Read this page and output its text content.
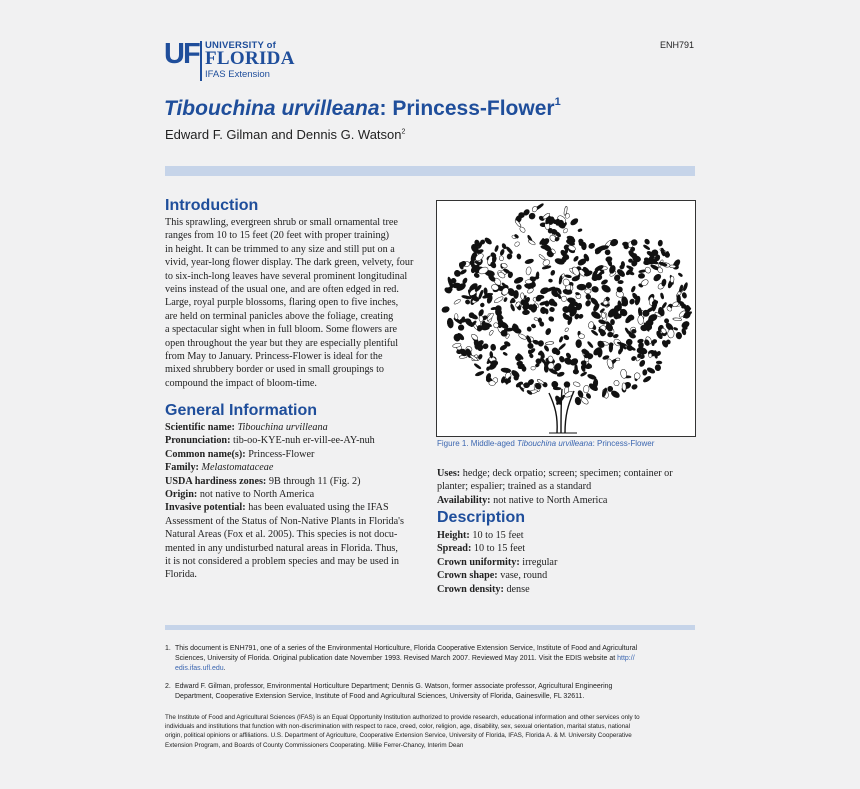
UF UNIVERSITY of
FLORIDA
IFAS Extension
ENH791
Tibouchina urvilleana: Princess-Flower$^1$
Edward F. Gilman and Dennis G. Watson$^2$
Introduction
This sprawling, evergreen shrub or small ornamental tree
ranges from 10 to 15 feet (20 feet with proper training)
in height. It can be trimmed to any size and still put on a
vivid, year-long flower display. The dark green, velvety, four
to six-inch-long leaves have several prominent longitudinal
veins instead of the usual one, and are often edged in red.
Large, royal purple blossoms, flaring open to five inches,
are held on terminal panicles above the foliage, creating
a spectacular sight when in full bloom. Some flowers are
open throughout the year but they are especially plentiful
from May to January. Princess-Flower is ideal for the
mixed shrubbery border or used in small groupings to
compound the impact of bloom-time.
General Information
Scientific name: Tibouchina urvilleana
Pronunciation: tib-oo-KYE-nuh er-vill-ee-AY-nuh
Common name(s): Princess-Flower
Family: Melastomataceae
USDA hardiness zones: 9B through 11 (Fig. 2)
Origin: not native to North America
Invasive potential: has been evaluated using the IFAS
Assessment of the Status of Non-Native Plants in Florida's
Natural Areas (Fox et al. 2005). This species is not docu-
mented in any undisturbed natural areas in Florida. Thus,
it is not considered a problem species and may be used in
Florida.
Figure 1. Middle-aged Tibouchina urvilleana: Princess-Flower
Uses: hedge; deck orpatio; screen; specimen; container or
planter; espalier; trained as a standard
Availability: not native to North America
Description
Height: 10 to 15 feet
Spread: 10 to 15 feet
Crown uniformity: irregular
Crown shape: vase, round
Crown density: dense
1. This document is ENH791, one of a series of the Environmental Horticulture, Florida Cooperative Extension Service, Institute of Food and Agricultural
Sciences, University of Florida. Original publication date November 1993. Revised March 2007. Reviewed May 2011. Visit the EDIS website at http://
edis.ifas.ufl.edu.
2. Edward F. Gilman, professor, Environmental Horticulture Department; Dennis G. Watson, former associate professor, Agricultural Engineering
Department, Cooperative Extension Service, Institute of Food and Agricultural Sciences, University of Florida, Gainesville, FL 32611.
The Institute of Food and Agricultural Sciences (IFAS) is an Equal Opportunity Institution authorized to provide research, educational information and other services only to
individuals and institutions that function with non-discrimination with respect to race, creed, color, religion, age, disability, sex, sexual orientation, marital status, national
origin, political opinions or affiliations. U.S. Department of Agriculture, Cooperative Extension Service, University of Florida, IFAS, Florida A. & M. University Cooperative
Extension Program, and Boards of County Commissioners Cooperating. Millie Ferrer-Chancy, Interim Dean
